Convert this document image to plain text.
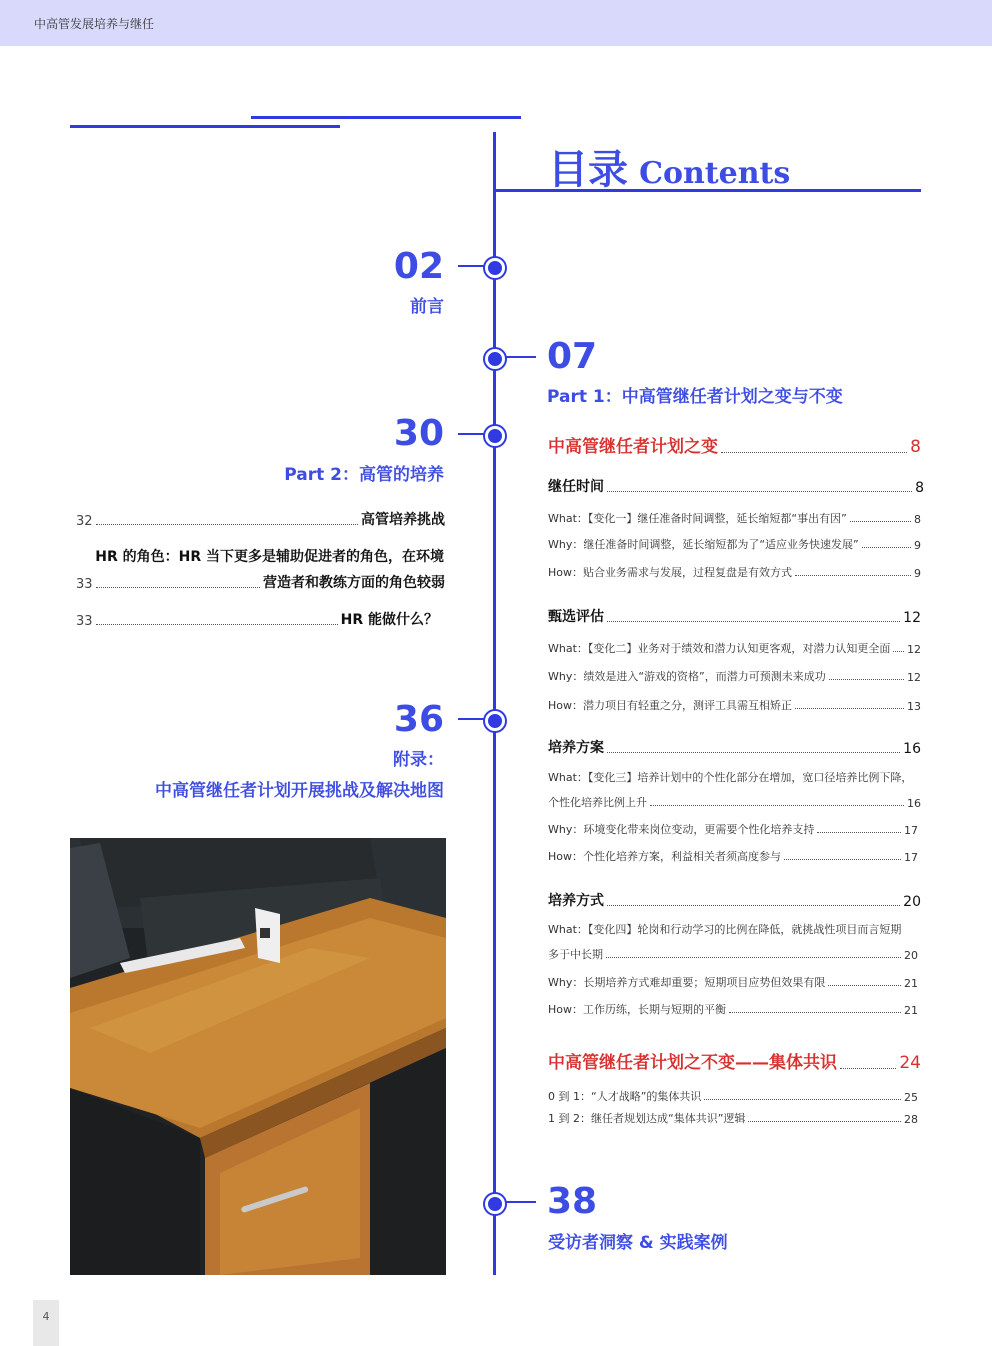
中高管发展培养与继任
目录 Contents
02
前言
30
Part 2：高管的培养
32	高管培养挑战
HR 的角色：HR 当下更多是辅助促进者的角色，在环境
33	营造者和教练方面的角色较弱
33	HR 能做什么？
36
附录：
中高管继任者计划开展挑战及解决地图
07
Part 1：中高管继任者计划之变与不变
中高管继任者计划之变	8
继任时间	8
What：【变化一】继任准备时间调整，延长缩短都“事出有因”	8
Why：继任准备时间调整，延长缩短都为了“适应业务快速发展”	9
How：贴合业务需求与发展，过程复盘是有效方式	9
甄选评估	12
What：【变化二】业务对于绩效和潜力认知更客观，对潜力认知更全面 12
Why：绩效是进入“游戏的资格”，而潜力可预测未来成功	12
How：潜力项目有轻重之分，测评工具需互相矫正	13
培养方案	16
What：【变化三】培养计划中的个性化部分在增加，宽口径培养比例下降，
个性化培养比例上升	16
Why：环境变化带来岗位变动，更需要个性化培养支持	17
How：个性化培养方案，利益相关者须高度参与	17
培养方式	20
What：【变化四】轮岗和行动学习的比例在降低，就挑战性项目而言短期
多于中长期	20
Why：长期培养方式难却重要；短期项目应势但效果有限	21
How：工作历练，长期与短期的平衡	21
中高管继任者计划之不变——集体共识	24
0 到 1：“人才战略”的集体共识	25
1 到 2：继任者规划达成“集体共识”逻辑	28
38
受访者洞察 & 实践案例
4
